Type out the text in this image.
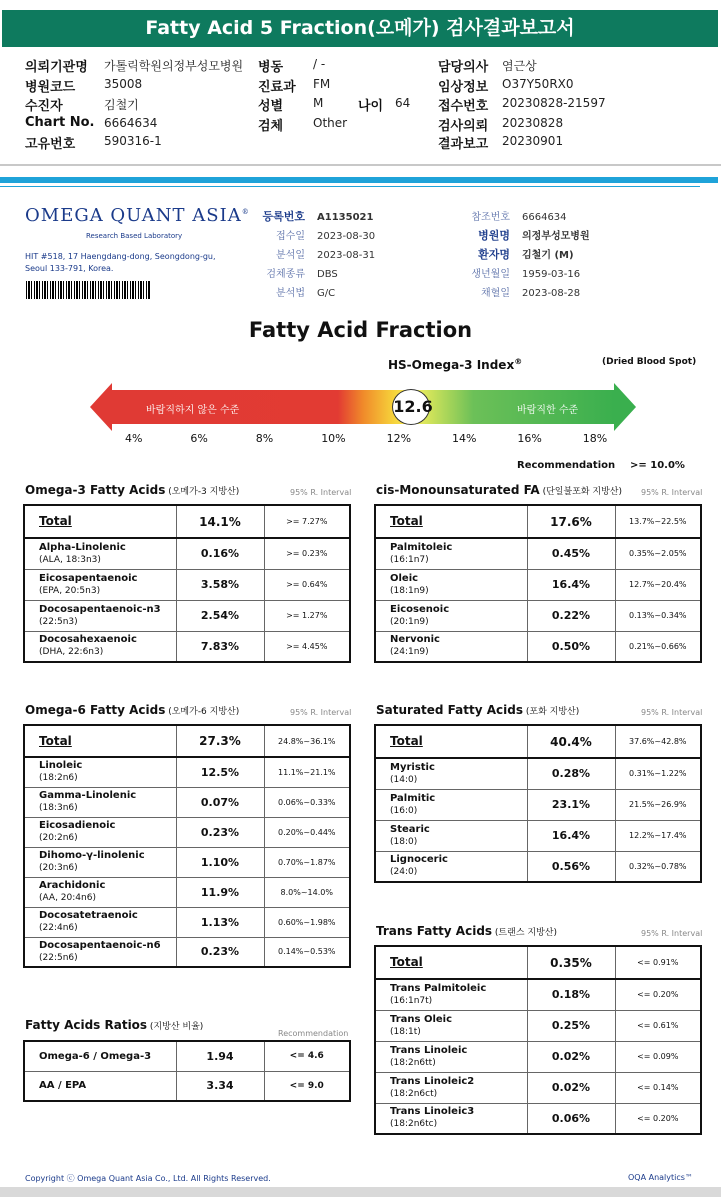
Fatty Acid 5 Fraction(오메가) 검사결과보고서
의뢰기관명 가톨릭학원의정부성모병원 병동 / -	담당의사 염근상
병원코드 35008	진료과 FM	임상정보 O37Y50RX0
수진자	김철기	성별 M	접수번호 20230828-21597
Chart No. 6664634	검체 Other	검사의뢰 20230828
고유번호 590316-1	결과보고 20230901
나이 64
OMEGA QUANT ASIA®
Research Based Laboratory
HIT #518, 17 Haengdang-dong, Seongdong-gu,
Seoul 133-791, Korea.
등록번호 A1135021
접수일 2023-08-30
분석일 2023-08-31
검체종류 DBS
분석법 G/C
참조번호 6664634
병원명 의정부성모병원
환자명 김철기 (M)
생년월일 1959-03-16
채혈일 2023-08-28
Fatty Acid Fraction
HS-Omega-3 Index®	(Dried Blood Spot)
바람직하지 않은 수준	바람직한 수준
12.6
4%	6%	8%	10%	12%	14%	16%	18%
Recommendation >= 10.0%
Omega-3 Fatty Acids (오메가-3 지방산)	95% R. Interval
Total	14.1%	>= 7.27%
Alpha-Linolenic
(ALA, 18:3n3)	0.16%	>= 0.23%
Eicosapentaenoic
(EPA, 20:5n3)	3.58%	>= 0.64%
Docosapentaenoic-n3
(22:5n3)	2.54%	>= 1.27%
Docosahexaenoic
(DHA, 22:6n3)	7.83%	>= 4.45%
cis-Monounsaturated FA (단일불포화 지방산) 95% R. Interval
Total	17.6%	13.7%~22.5%
Palmitoleic
(16:1n7)	0.45%	0.35%~2.05%
Oleic
(18:1n9)	16.4%	12.7%~20.4%
Eicosenoic
(20:1n9)	0.22%	0.13%~0.34%
Nervonic
(24:1n9)	0.50%	0.21%~0.66%
Omega-6 Fatty Acids (오메가-6 지방산)	95% R. Interval
Total	27.3%	24.8%~36.1%
Linoleic
(18:2n6)	12.5%	11.1%~21.1%
Gamma-Linolenic
(18:3n6)	0.07%	0.06%~0.33%
Eicosadienoic
(20:2n6)	0.23%	0.20%~0.44%
Dihomo-γ-linolenic
(20:3n6)	1.10%	0.70%~1.87%
Arachidonic
(AA, 20:4n6)	11.9%	8.0%~14.0%
Docosatetraenoic
(22:4n6)	1.13%	0.60%~1.98%
Docosapentaenoic-n6
(22:5n6)	0.23%	0.14%~0.53%
Saturated Fatty Acids (포화 지방산)	95% R. Interval
Total	40.4%	37.6%~42.8%
Myristic
(14:0)	0.28%	0.31%~1.22%
Palmitic
(16:0)	23.1%	21.5%~26.9%
Stearic
(18:0)	16.4%	12.2%~17.4%
Lignoceric
(24:0)	0.56%	0.32%~0.78%
Trans Fatty Acids (트랜스 지방산)	95% R. Interval
Total	0.35%	<= 0.91%
Trans Palmitoleic
(16:1n7t)	0.18%	<= 0.20%
Trans Oleic
(18:1t)	0.25%	<= 0.61%
Trans Linoleic
(18:2n6tt)	0.02%	<= 0.09%
Trans Linoleic2
(18:2n6ct)	0.02%	<= 0.14%
Trans Linoleic3
(18:2n6tc)	0.06%	<= 0.20%
Fatty Acids Ratios (지방산 비율)
Recommendation
Omega-6 / Omega-3	1.94	<= 4.6
AA / EPA	3.34	<= 9.0
Copyright ⓒ Omega Quant Asia Co., Ltd. All Rights Reserved.	OQA Analytics™
